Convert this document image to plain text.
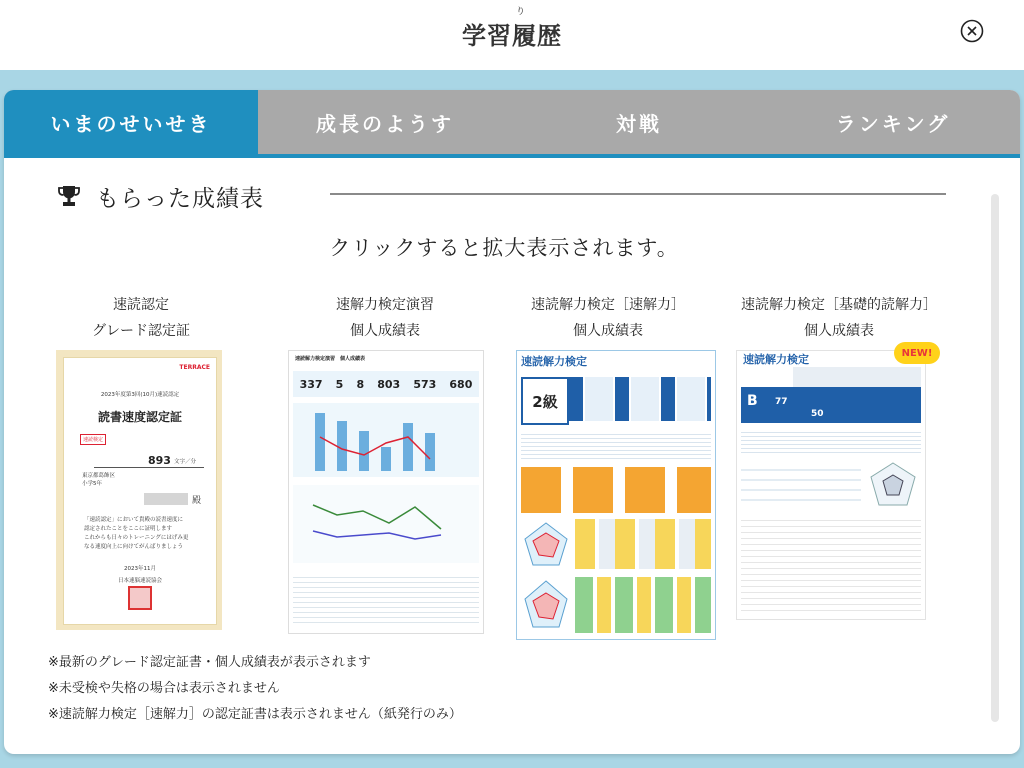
り
学習履歴
いまのせいせき	成長のようす	対戦	ランキング
もらった成績表
クリックすると拡大表示されます。
速読認定
グレード認定証
TERRACE
2023年度第3回(10月)速読認定
読書速度認定証
速読検定
893 文字／分
東京都葛飾区
小学5年
殿
「速読認定」において貴殿の読書速度に
認定されたことをここに証明します
これからも日々のトレーニングにはげみ更
なる速度向上に向けてがんばりましょう
2023年11月
日本速脳速読協会
速解力検定演習
個人成績表
速読解力検定演習　個人成績表
337 5 8 803 573 680
速読解力検定［速解力］
個人成績表
速読解力検定
2級
速読解力検定［基礎的読解力］
個人成績表
速読解力検定
B 77
50
NEW!
※最新のグレード認定証書・個人成績表が表示されます
※未受検や失格の場合は表示されません
※速読解力検定［速解力］の認定証書は表示されません（紙発行のみ）
